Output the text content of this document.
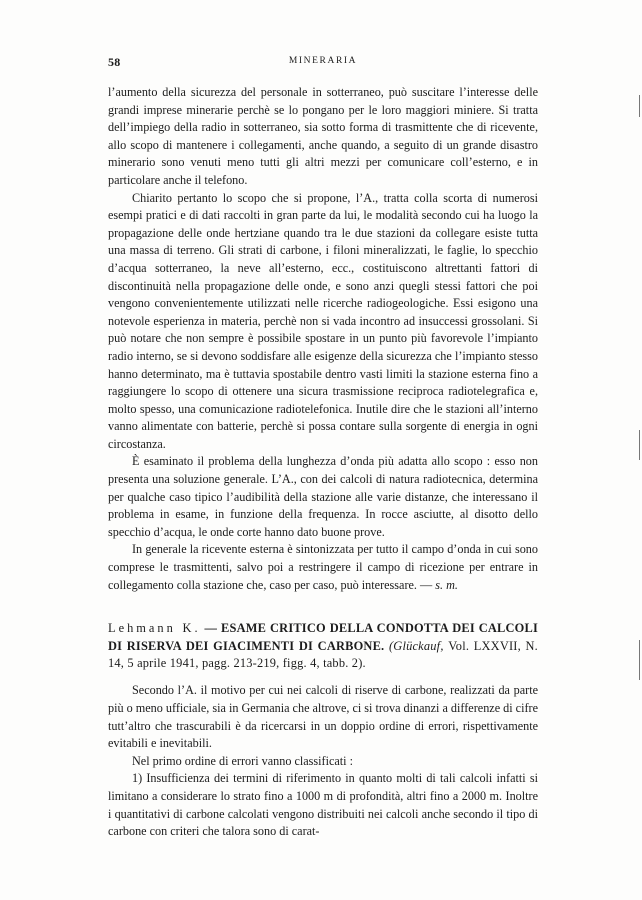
58	MINERARIA

l’aumento della sicurezza del personale in sotterraneo, può suscitare l’interesse delle grandi imprese minerarie perchè se lo pongano per le loro maggiori miniere. Si tratta dell’impiego della radio in sotterraneo, sia sotto forma di trasmittente che di ricevente, allo scopo di mantenere i collegamenti, anche quando, a seguito di un grande disastro minerario sono venuti meno tutti gli altri mezzi per comunicare coll’esterno, e in particolare anche il telefono.

Chiarito pertanto lo scopo che si propone, l’A., tratta colla scorta di numerosi esempi pratici e di dati raccolti in gran parte da lui, le modalità secondo cui ha luogo la propagazione delle onde hertziane quando tra le due stazioni da collegare esiste tutta una massa di terreno. Gli strati di carbone, i filoni mineralizzati, le faglie, lo specchio d’acqua sotterraneo, la neve all’esterno, ecc., costituiscono altrettanti fattori di discontinuità nella propagazione delle onde, e sono anzi quegli stessi fattori che poi vengono convenientemente utilizzati nelle ricerche radiogeologiche. Essi esigono una notevole esperienza in materia, perchè non si vada incontro ad insuccessi grossolani. Si può notare che non sempre è possibile spostare in un punto più favorevole l’impianto radio interno, se si devono soddisfare alle esigenze della sicurezza che l’impianto stesso hanno determinato, ma è tuttavia spostabile dentro vasti limiti la stazione esterna fino a raggiungere lo scopo di ottenere una sicura trasmissione reciproca radiotelegrafica e, molto spesso, una comunicazione radiotelefonica. Inutile dire che le stazioni all’interno vanno alimentate con batterie, perchè si possa contare sulla sorgente di energia in ogni circostanza.

È esaminato il problema della lunghezza d’onda più adatta allo scopo : esso non presenta una soluzione generale. L’A., con dei calcoli di natura radiotecnica, determina per qualche caso tipico l’audibilità della stazione alle varie distanze, che interessano il problema in esame, in funzione della frequenza. In rocce asciutte, al disotto dello specchio d’acqua, le onde corte hanno dato buone prove.

In generale la ricevente esterna è sintonizzata per tutto il campo d’onda in cui sono comprese le trasmittenti, salvo poi a restringere il campo di ricezione per entrare in collegamento colla stazione che, caso per caso, può interessare. — s. m.

Lehmann K. — ESAME CRITICO DELLA CONDOTTA DEI CALCOLI DI RISERVA DEI GIACIMENTI DI CARBONE. (Glückauf, Vol. LXXVII, N. 14, 5 aprile 1941, pagg. 213-219, figg. 4, tabb. 2).

Secondo l’A. il motivo per cui nei calcoli di riserve di carbone, realizzati da parte più o meno ufficiale, sia in Germania che altrove, ci si trova dinanzi a differenze di cifre tutt’altro che trascurabili è da ricercarsi in un doppio ordine di errori, rispettivamente evitabili e inevitabili.

Nel primo ordine di errori vanno classificati :

1) Insufficienza dei termini di riferimento in quanto molti di tali calcoli infatti si limitano a considerare lo strato fino a 1000 m di profondità, altri fino a 2000 m. Inoltre i quantitativi di carbone calcolati vengono distribuiti nei calcoli anche secondo il tipo di carbone con criteri che talora sono di carat-
